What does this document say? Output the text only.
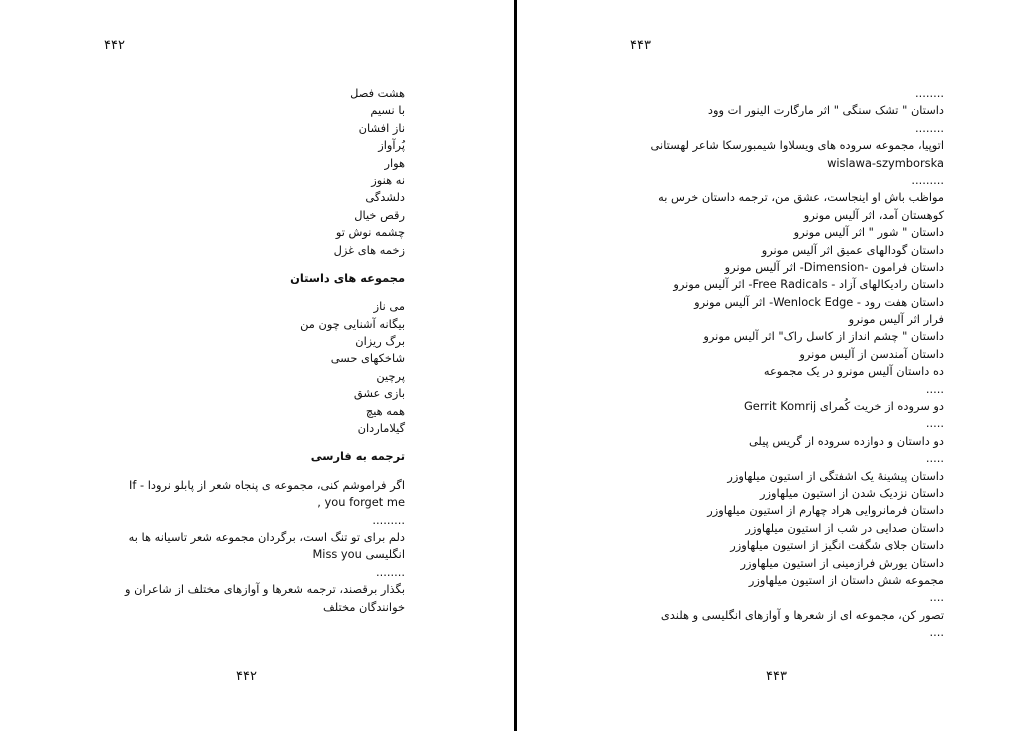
۴۴۲
هشت فصل
با نسیم
ناز افشان
پُرآواز
هوار
نه هنوز
دلشدگی
رقص خیال
چشمه نوش تو
زخمه های غزل
مجموعه های داستان
می ناز
بیگانه آشنایی چون من
برگ ریزان
شاخکهای حسی
پرچین
بازی عشق
همه هیچ
گیلاماردان
ترجمه به فارسی
اگر فراموشم کنی، مجموعه ی پنجاه شعر از پابلو نرودا - If
you forget me ,
.........
دلم برای تو تنگ است، برگردان مجموعه شعر تاسیانه ها به
انگلیسی Miss you
........
بگذار برقصند، ترجمه شعرها و آوازهای مختلف از شاعران و
خوانندگان مختلف
۴۴۲
۴۴۳
........
داستان " تشک سنگی " اثر مارگارت الینور ات وود
........
اتوپیا، مجموعه سروده های ویسلاوا شیمبورسکا شاعر لهستانی
wislawa-szymborska
.........
مواظب باش او اینجاست، عشق من، ترجمه داستان خرس به
کوهستان آمد، اثر آلیس مونرو
داستان " شور " اثر آلیس مونرو
داستان گودالهای عمیق اثر آلیس مونرو
داستان فرامون -Dimension- اثر آلیس مونرو
داستان رادیکالهای آزاد - Free Radicals- اثر آلیس مونرو
داستان هفت رود - Wenlock Edge- اثر آلیس مونرو
فرار اثر آلیس مونرو
داستان " چشم انداز از کاسل راک" اثر آلیس مونرو
داستان آمندسن از آلیس مونرو
ده داستان آلیس مونرو در یک مجموعه
.....
دو سروده از خریت کُمرای Gerrit Komrij
.....
دو داستان و دوازده سروده از گریس پیلی
.....
داستان پیشینهٔ یک اشفتگی از استیون میلهاوزر
داستان نزدیک شدن از استیون میلهاوزر
داستان فرمانروایی هراد چهارم از استیون میلهاوزر
داستان صدایی در شب از استیون میلهاوزر
داستان جلای شگفت انگیز از استیون میلهاوزر
داستان یورش فرازمینی از استیون میلهاوزر
مجموعه شش داستان از استیون میلهاوزر
....
تصور کن، مجموعه ای از شعرها و آوازهای انگلیسی و هلندی
....
۴۴۳
